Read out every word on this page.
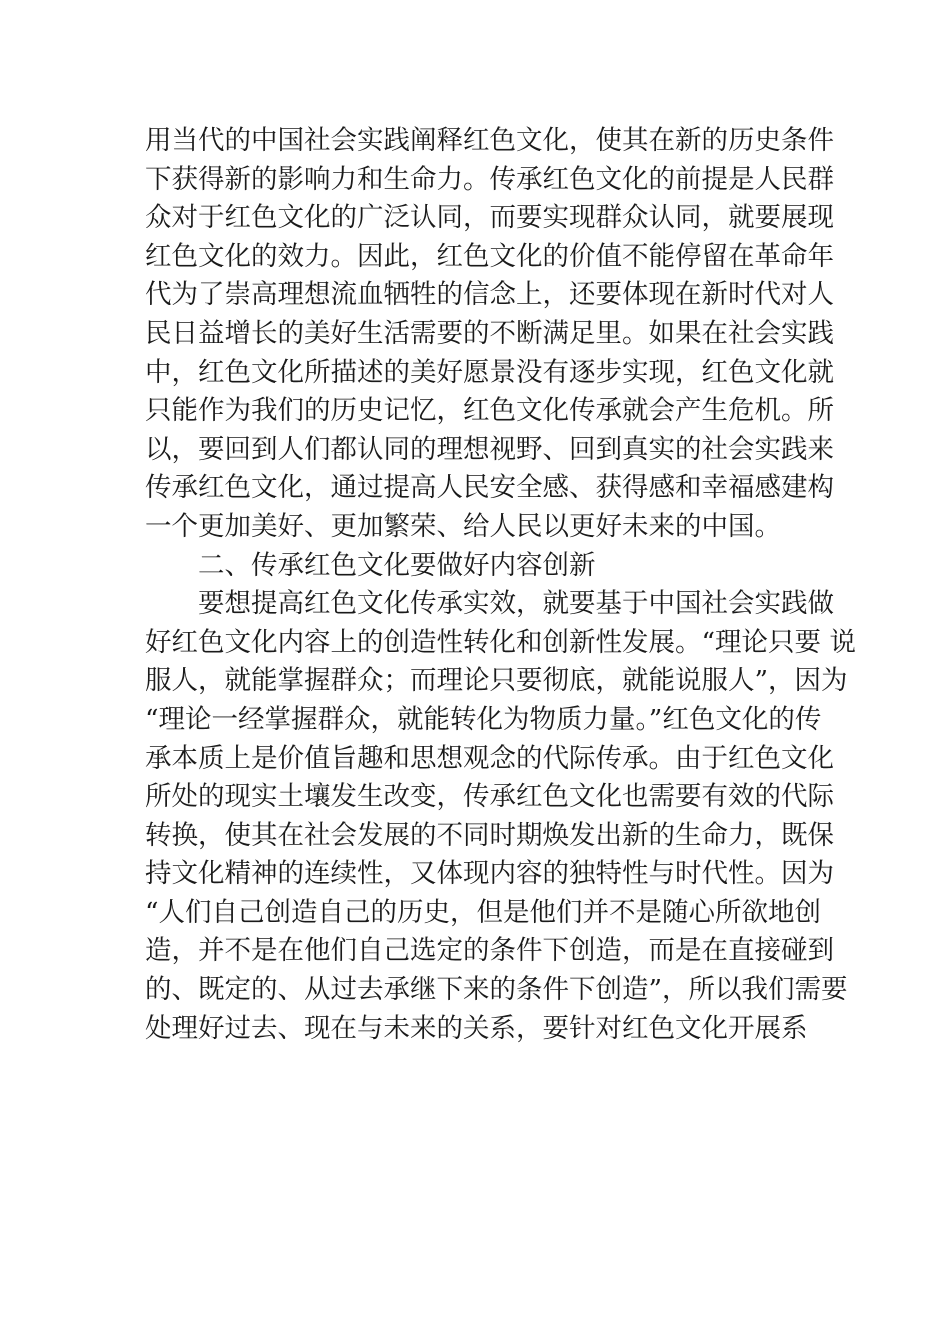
用当代的中国社会实践阐释红色文化，使其在新的历史条件
下获得新的影响力和生命力。传承红色文化的前提是人民群
众对于红色文化的广泛认同，而要实现群众认同，就要展现
红色文化的效力。因此，红色文化的价值不能停留在革命年
代为了崇高理想流血牺牲的信念上，还要体现在新时代对人
民日益增长的美好生活需要的不断满足里。如果在社会实践
中，红色文化所描述的美好愿景没有逐步实现，红色文化就
只能作为我们的历史记忆，红色文化传承就会产生危机。所
以，要回到人们都认同的理想视野、回到真实的社会实践来
传承红色文化，通过提高人民安全感、获得感和幸福感建构
一个更加美好、更加繁荣、给人民以更好未来的中国。
　　二、传承红色文化要做好内容创新
　　要想提高红色文化传承实效，就要基于中国社会实践做
好红色文化内容上的创造性转化和创新性发展。“理论只要 说
服人，就能掌握群众；而理论只要彻底，就能说服人”，因为
“理论一经掌握群众，就能转化为物质力量。”红色文化的传
承本质上是价值旨趣和思想观念的代际传承。由于红色文化
所处的现实土壤发生改变，传承红色文化也需要有效的代际
转换，使其在社会发展的不同时期焕发出新的生命力，既保
持文化精神的连续性，又体现内容的独特性与时代性。因为
“人们自己创造自己的历史，但是他们并不是随心所欲地创
造，并不是在他们自己选定的条件下创造，而是在直接碰到
的、既定的、从过去承继下来的条件下创造”，所以我们需要
处理好过去、现在与未来的关系，要针对红色文化开展系
